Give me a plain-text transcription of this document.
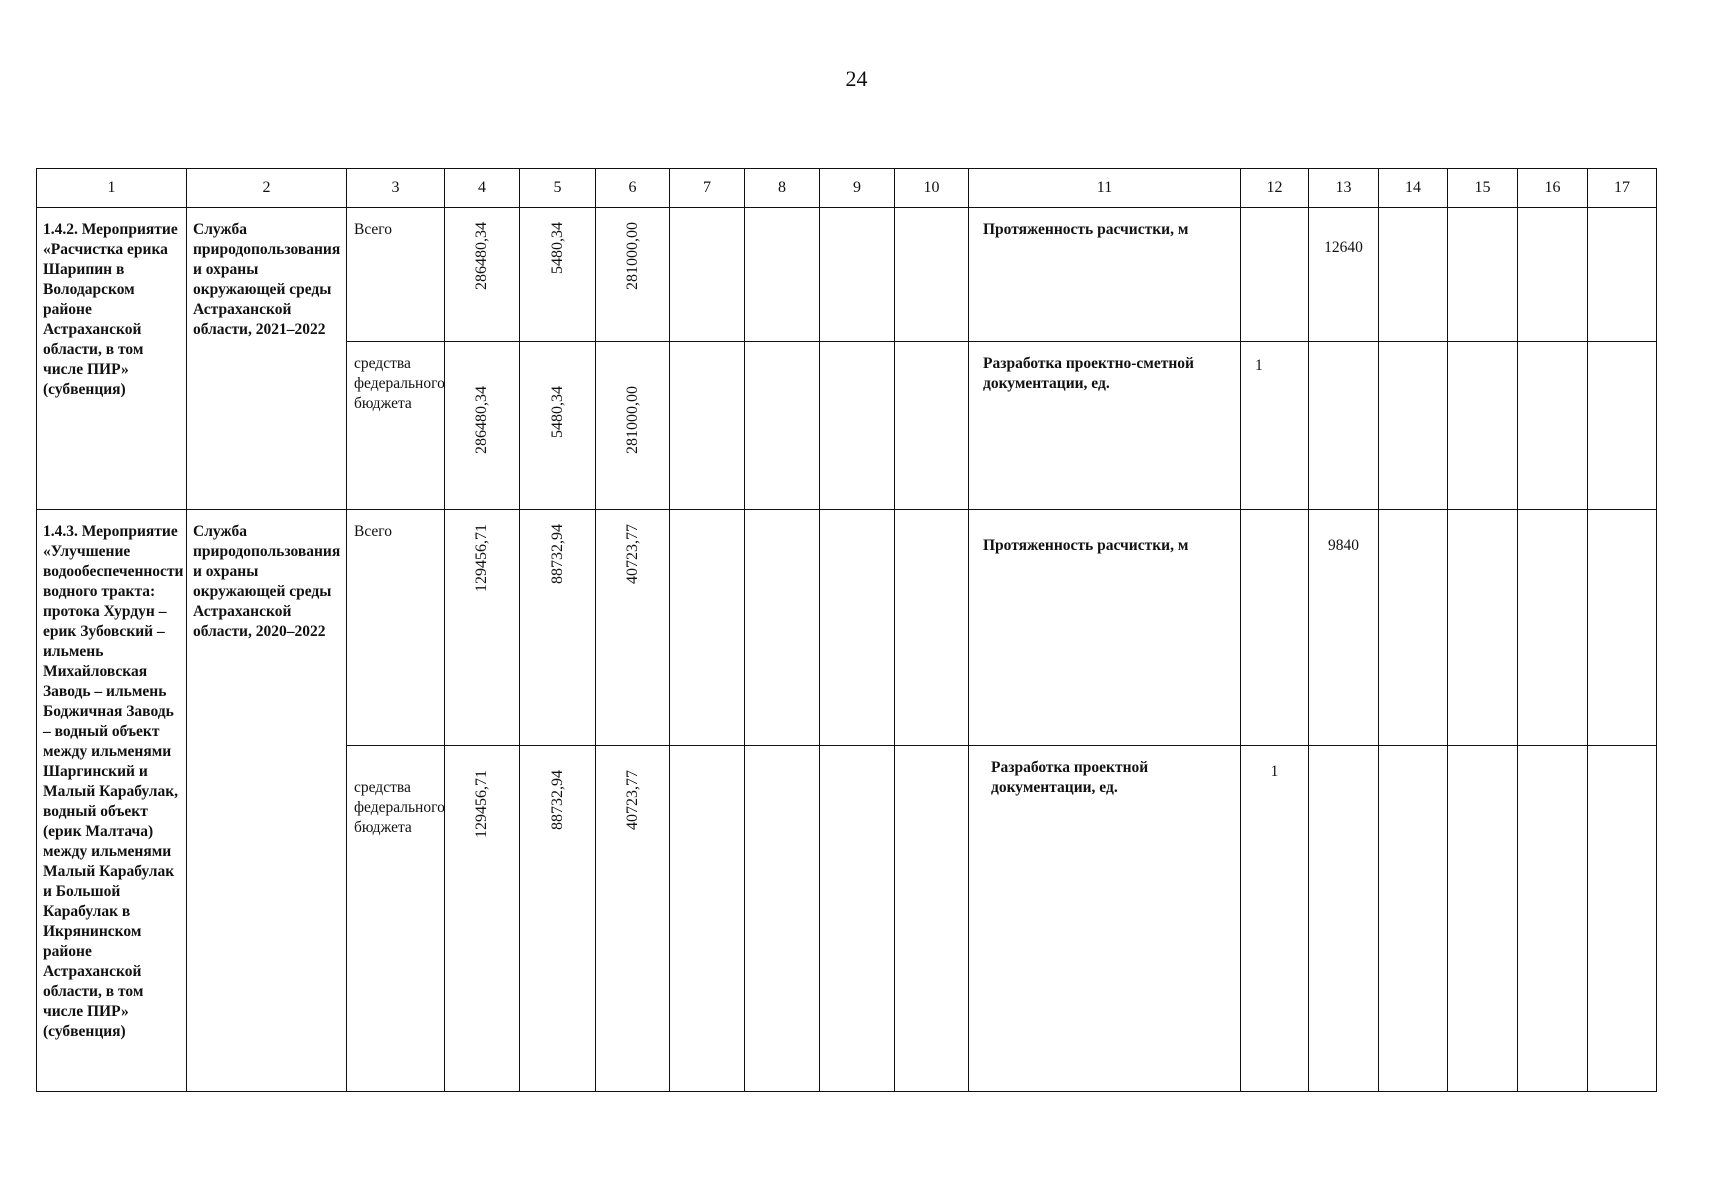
24
1	2	3	4	5	6	7	8	9	10	11	12	13	14	15	16	17
1.4.2. Мероприятие «Расчистка ерика Шарипин в Володарском районе Астраханской области, в том числе ПИР» (субвенция)	Служба природопользования и охраны окружающей среды Астраханской области, 2021–2022	Всего	286480,34	5480,34	281000,00					Протяженность расчистки, м		12640				
		средства федерального бюджета	286480,34	5480,34	281000,00					Разработка проектно-сметной документации, ед.	1					
1.4.3. Мероприятие «Улучшение водообеспеченности водного тракта: протока Хурдун – ерик Зубовский – ильмень Михайловская Заводь – ильмень Боджичная Заводь – водный объект между ильменями Шаргинский и Малый Карабулак, водный объект (ерик Малтача) между ильменями Малый Карабулак и Большой Карабулак в Икрянинском районе Астраханской области, в том числе ПИР» (субвенция)	Служба природопользования и охраны окружающей среды Астраханской области, 2020–2022	Всего	129456,71	88732,94	40723,77					Протяженность расчистки, м		9840				
		средства федерального бюджета	129456,71	88732,94	40723,77					Разработка проектной документации, ед.	1					
